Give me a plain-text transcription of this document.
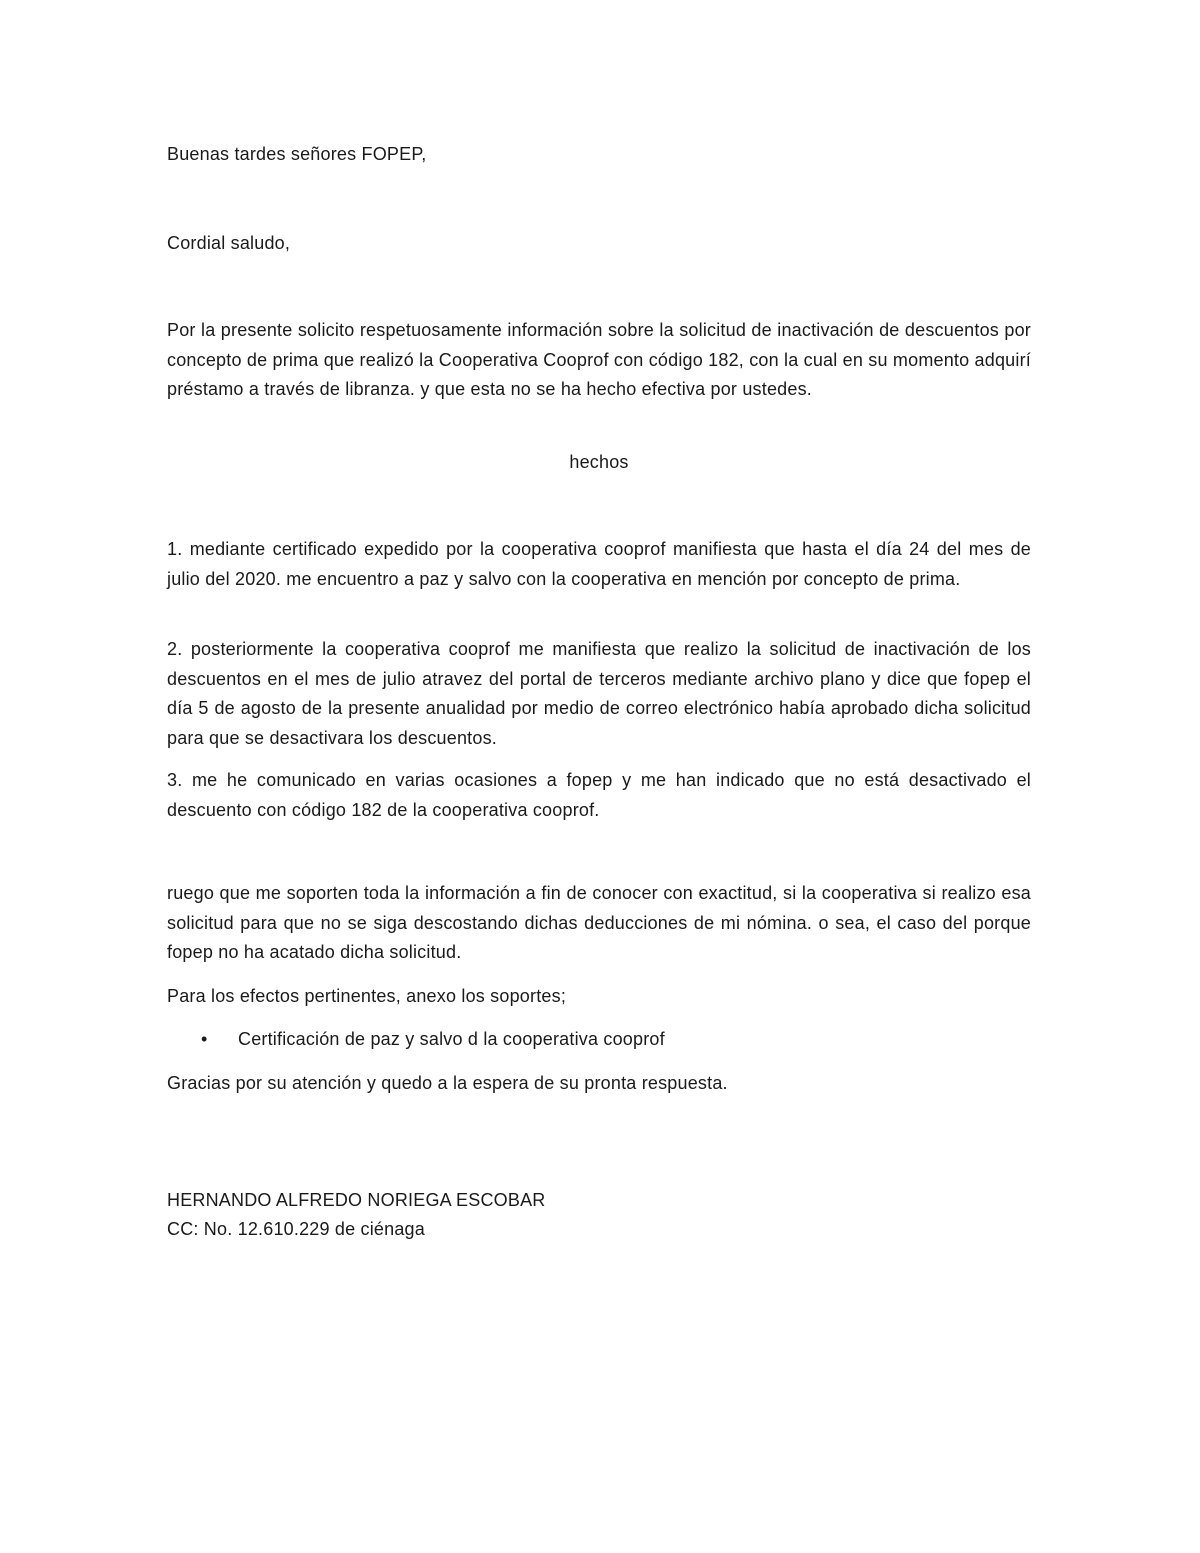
Buenas tardes señores FOPEP,

Cordial saludo,

Por la presente solicito respetuosamente información sobre la solicitud de inactivación de descuentos por concepto de prima que realizó la Cooperativa Cooprof con código 182, con la cual en su momento adquirí préstamo a través de libranza. y que esta no se ha hecho efectiva por ustedes.

hechos

1. mediante certificado expedido por la cooperativa cooprof manifiesta que hasta el día 24 del mes de julio del 2020. me encuentro a paz y salvo con la cooperativa en mención por concepto de prima.

2. posteriormente la cooperativa cooprof me manifiesta que realizo la solicitud de inactivación de los descuentos en el mes de julio atravez del portal de terceros mediante archivo plano y dice que fopep el día 5 de agosto de la presente anualidad por medio de correo electrónico había aprobado dicha solicitud para que se desactivara los descuentos.

3. me he comunicado en varias ocasiones a fopep y me han indicado que no está desactivado el descuento con código 182 de la cooperativa cooprof.

ruego que me soporten toda la información a fin de conocer con exactitud, si la cooperativa si realizo esa solicitud para que no se siga descostando dichas deducciones de mi nómina. o sea, el caso del porque fopep no ha acatado dicha solicitud.

Para los efectos pertinentes, anexo los soportes;

•	Certificación de paz y salvo d la cooperativa cooprof

Gracias por su atención y quedo a la espera de su pronta respuesta.

HERNANDO ALFREDO NORIEGA ESCOBAR

CC: No. 12.610.229 de ciénaga
